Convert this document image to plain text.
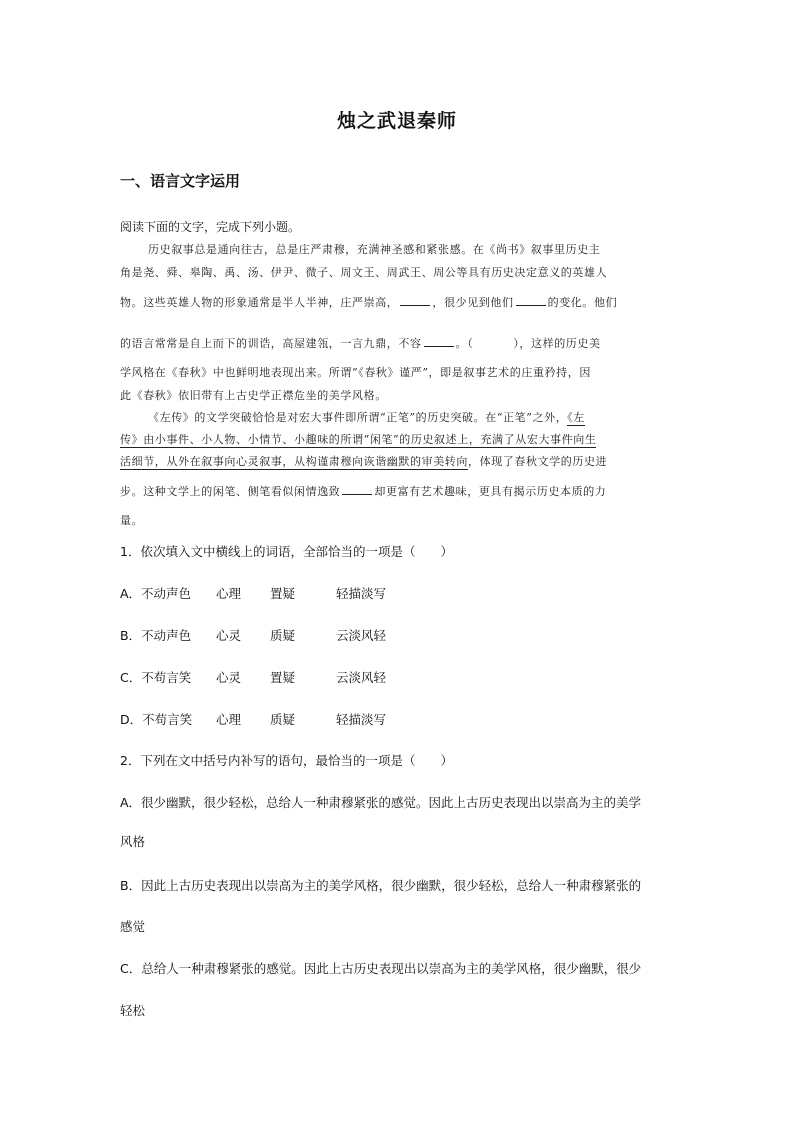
烛之武退秦师
一、语言文字运用
阅读下面的文字，完成下列小题。
历史叙事总是通向往古，总是庄严肃穆，充满神圣感和紧张感。在《尚书》叙事里历史主
角是尧、舜、皋陶、禹、汤、伊尹、微子、周文王、周武王、周公等具有历史决定意义的英雄人
物。这些英雄人物的形象通常是半人半神，庄严崇高，	，很少见到他们	的变化。他们
的语言常常是自上而下的训诰，高屋建瓴，一言九鼎，不容	。（	），这样的历史美
学风格在《春秋》中也鲜明地表现出来。所谓“《春秋》谨严”，即是叙事艺术的庄重矜持，因
此《春秋》依旧带有上古史学正襟危坐的美学风格。
《左传》的文学突破恰恰是对宏大事件即所谓“正笔”的历史突破。在“正笔”之外，《左
传》由小事件、小人物、小情节、小趣味的所谓“闲笔”的历史叙述上，充满了从宏大事件向生
活细节，从外在叙事向心灵叙事，从构谨肃穆向诙谐幽默的审美转向，体现了春秋文学的历史进
步。这种文学上的闲笔、侧笔看似闲情逸致	却更富有艺术趣味，更具有揭示历史本质的力
量。
1．依次填入文中横线上的词语，全部恰当的一项是（　　）
A．不动声色 心理 置疑	轻描淡写
B．不动声色 心灵 质疑	云淡风轻
C．不苟言笑 心灵 置疑	云淡风轻
D．不苟言笑 心理 质疑	轻描淡写
2．下列在文中括号内补写的语句，最恰当的一项是（　　）
A．很少幽默，很少轻松，总给人一种肃穆紧张的感觉。因此上古历史表现出以崇高为主的美学
风格
B．因此上古历史表现出以崇高为主的美学风格，很少幽默，很少轻松，总给人一种肃穆紧张的
感觉
C．总给人一种肃穆紧张的感觉。因此上古历史表现出以崇高为主的美学风格，很少幽默，很少
轻松
